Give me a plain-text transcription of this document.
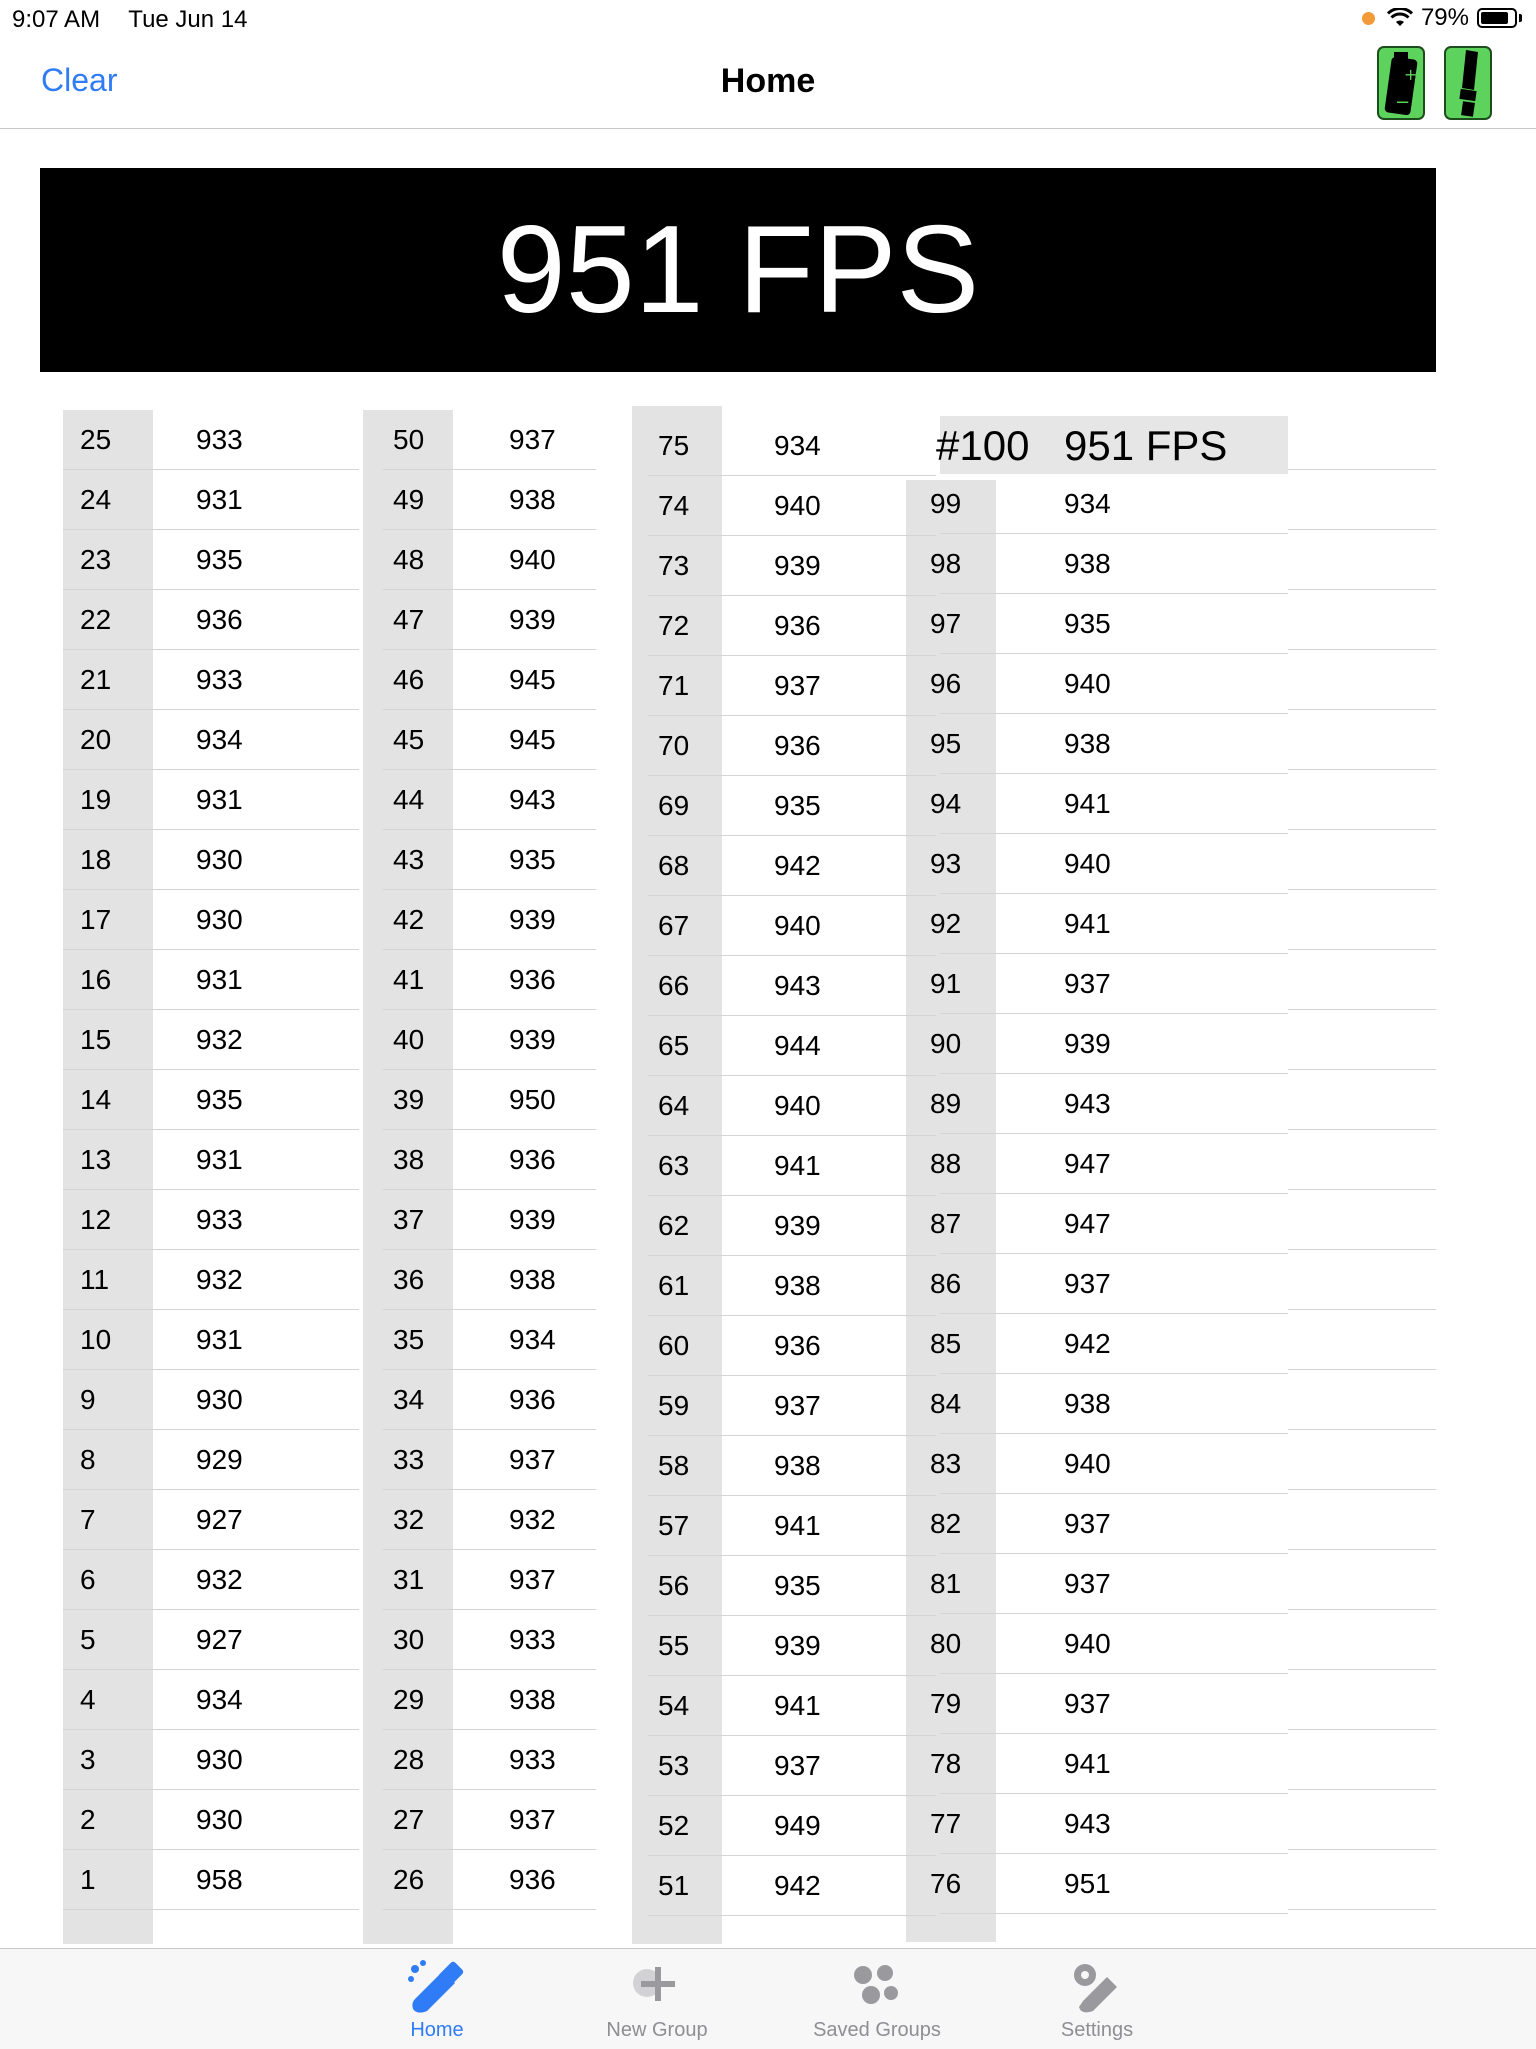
9:07 AM Tue Jun 14	79%
Clear	Home	+
−
951 FPS
#100 951 FPS
25	933
24	931
23	935
22	936
21	933
20	934
19	931
18	930
17	930
16	931
15	932
14	935
13	931
12	933
11	932
10	931
9	930
8	929
7	927
6	932
5	927
4	934
3	930
2	930
1	958
50	937
49	938
48	940
47	939
46	945
45	945
44	943
43	935
42	939
41	936
40	939
39	950
38	936
37	939
36	938
35	934
34	936
33	937
32	932
31	937
30	933
29	938
28	933
27	937
26	936
75	934
74	940
73	939
72	936
71	937
70	936
69	935
68	942
67	940
66	943
65	944
64	940
63	941
62	939
61	938
60	936
59	937
58	938
57	941
56	935
55	939
54	941
53	937
52	949
51	942
99	934
98	938
97	935
96	940
95	938
94	941
93	940
92	941
91	937
90	939
89	943
88	947
87	947
86	937
85	942
84	938
83	940
82	937
81	937
80	940
79	937
78	941
77	943
76	951
Home	New Group	Saved Groups	Settings
